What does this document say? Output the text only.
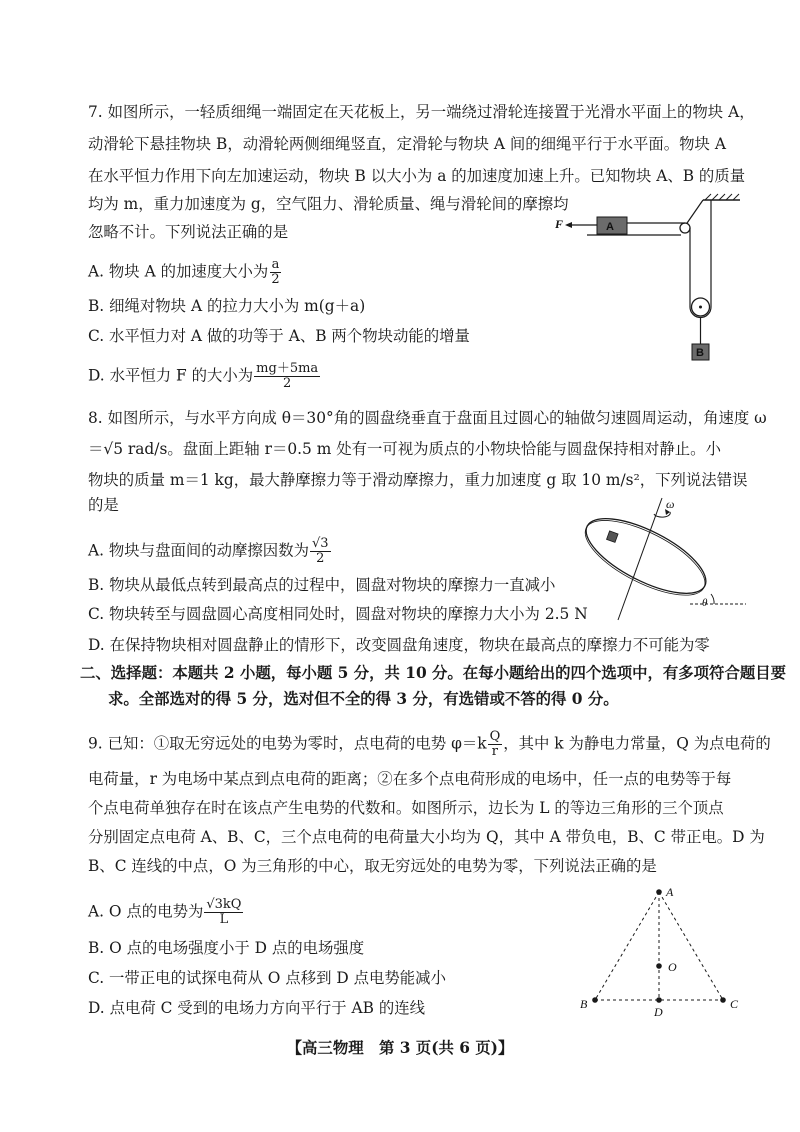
7. 如图所示，一轻质细绳一端固定在天花板上，另一端绕过滑轮连接置于光滑水平面上的物块 A，
动滑轮下悬挂物块 B，动滑轮两侧细绳竖直，定滑轮与物块 A 间的细绳平行于水平面。物块 A
在水平恒力作用下向左加速运动，物块 B 以大小为 a 的加速度加速上升。已知物块 A、B 的质量
均为 m，重力加速度为 g，空气阻力、滑轮质量、绳与滑轮间的摩擦均
忽略不计。下列说法正确的是
A. 物块 A 的加速度大小为 $\frac{a}{2}$
B. 细绳对物块 A 的拉力大小为 m(g＋a)
C. 水平恒力对 A 做的功等于 A、B 两个物块动能的增量
D. 水平恒力 F 的大小为 $\frac{mg+5ma}{2}$
A
F
B
8. 如图所示，与水平方向成 θ＝30°角的圆盘绕垂直于盘面且过圆心的轴做匀速圆周运动，角速度 ω
＝√5 rad/s。盘面上距轴 r＝0.5 m 处有一可视为质点的小物块恰能与圆盘保持相对静止。小
物块的质量 m＝1 kg，最大静摩擦力等于滑动摩擦力，重力加速度 g 取 10 m/s²，下列说法错误
的是
A. 物块与盘面间的动摩擦因数为 $\frac{√3}{2}$
B. 物块从最低点转到最高点的过程中，圆盘对物块的摩擦力一直减小
C. 物块转至与圆盘圆心高度相同处时，圆盘对物块的摩擦力大小为 2.5 N
D. 在保持物块相对圆盘静止的情形下，改变圆盘角速度，物块在最高点的摩擦力不可能为零
ω
θ
二、选择题：本题共 2 小题，每小题 5 分，共 10 分。在每小题给出的四个选项中，有多项符合题目要
求。全部选对的得 5 分，选对但不全的得 3 分，有选错或不答的得 0 分。
9. 已知：①取无穷远处的电势为零时，点电荷的电势 $\varphi=k \frac{Q}{r}$ ，其中 k 为静电力常量，Q 为点电荷的
电荷量，r 为电场中某点到点电荷的距离；②在多个点电荷形成的电场中，任一点的电势等于每
个点电荷单独存在时在该点产生电势的代数和。如图所示，边长为 L 的等边三角形的三个顶点
分别固定点电荷 A、B、C，三个点电荷的电荷量大小均为 Q，其中 A 带负电，B、C 带正电。D 为
B、C 连线的中点，O 为三角形的中心，取无穷远处的电势为零，下列说法正确的是
A. O 点的电势为 $\frac{√3kQ}{L}$
B. O 点的电场强度小于 D 点的电场强度
C. 一带正电的试探电荷从 O 点移到 D 点电势能减小
D. 点电荷 C 受到的电场力方向平行于 AB 的连线
A
B	C
D
O
【高三物理　第 3 页(共 6 页)】
